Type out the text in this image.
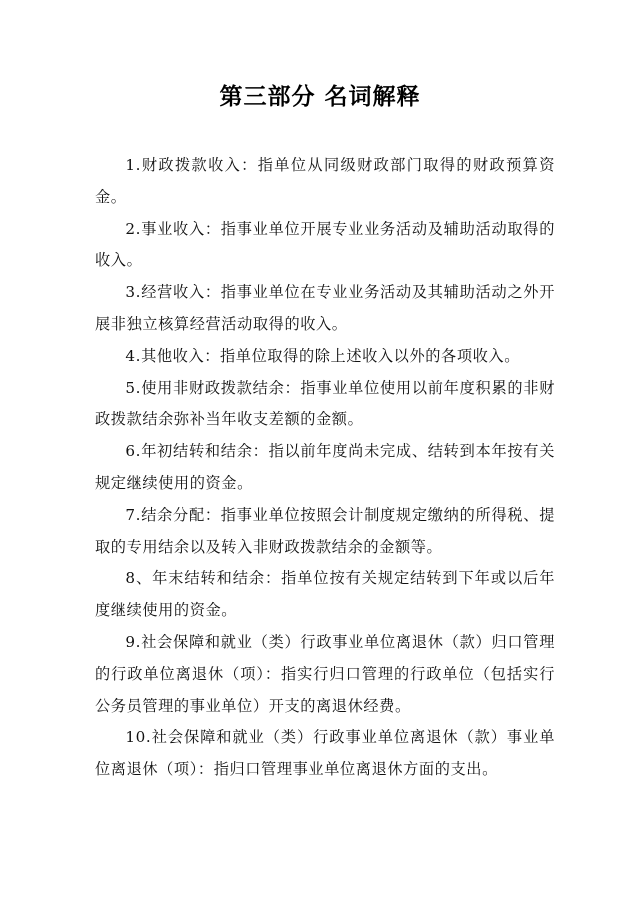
第三部分 名词解释

1.财政拨款收入：指单位从同级财政部门取得的财政预算资金。

2.事业收入：指事业单位开展专业业务活动及辅助活动取得的收入。

3.经营收入：指事业单位在专业业务活动及其辅助活动之外开展非独立核算经营活动取得的收入。

4.其他收入：指单位取得的除上述收入以外的各项收入。

5.使用非财政拨款结余：指事业单位使用以前年度积累的非财政拨款结余弥补当年收支差额的金额。

6.年初结转和结余：指以前年度尚未完成、结转到本年按有关规定继续使用的资金。

7.结余分配：指事业单位按照会计制度规定缴纳的所得税、提取的专用结余以及转入非财政拨款结余的金额等。

8、年末结转和结余：指单位按有关规定结转到下年或以后年度继续使用的资金。

9.社会保障和就业（类）行政事业单位离退休（款）归口管理的行政单位离退休（项）：指实行归口管理的行政单位（包括实行公务员管理的事业单位）开支的离退休经费。

10.社会保障和就业（类）行政事业单位离退休（款）事业单位离退休（项）：指归口管理事业单位离退休方面的支出。
